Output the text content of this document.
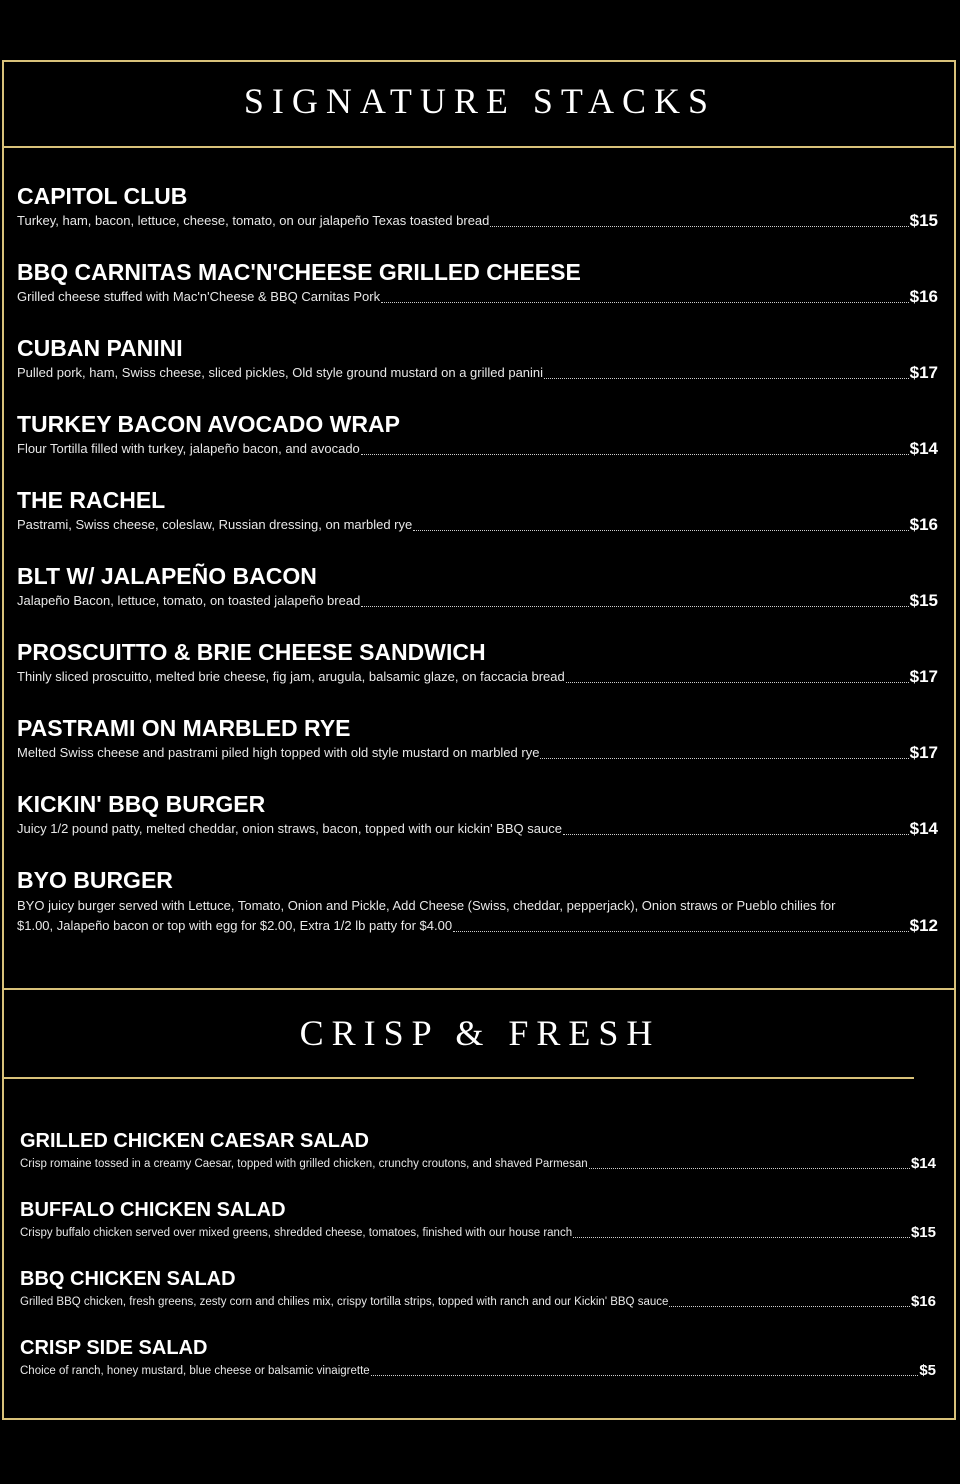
SIGNATURE STACKS
CAPITOL CLUB
Turkey, ham, bacon, lettuce, cheese, tomato, on our jalapeño Texas toasted bread	$15
BBQ CARNITAS MAC'N'CHEESE GRILLED CHEESE
Grilled cheese stuffed with Mac'n'Cheese & BBQ Carnitas Pork	$16
CUBAN PANINI
Pulled pork, ham, Swiss cheese, sliced pickles, Old style ground mustard on a grilled panini	$17
TURKEY BACON AVOCADO WRAP
Flour Tortilla filled with turkey, jalapeño bacon, and avocado	$14
THE RACHEL
Pastrami, Swiss cheese, coleslaw, Russian dressing, on marbled rye	$16
BLT W/ JALAPEÑO BACON
Jalapeño Bacon, lettuce, tomato, on toasted jalapeño bread	$15
PROSCUITTO & BRIE CHEESE SANDWICH
Thinly sliced proscuitto, melted brie cheese, fig jam, arugula, balsamic glaze, on faccacia bread	$17
PASTRAMI ON MARBLED RYE
Melted Swiss cheese and pastrami piled high topped with old style mustard on marbled rye	$17
KICKIN' BBQ BURGER
Juicy 1/2 pound patty, melted cheddar, onion straws, bacon, topped with our kickin' BBQ sauce	$14
BYO BURGER
BYO juicy burger served with Lettuce, Tomato, Onion and Pickle, Add Cheese (Swiss, cheddar, pepperjack), Onion straws or Pueblo chilies for
$1.00, Jalapeño bacon or top with egg for $2.00, Extra 1/2 lb patty for $4.00	$12
CRISP & FRESH
GRILLED CHICKEN CAESAR SALAD
Crisp romaine tossed in a creamy Caesar, topped with grilled chicken, crunchy croutons, and shaved Parmesan	$14
BUFFALO CHICKEN SALAD
Crispy buffalo chicken served over mixed greens, shredded cheese, tomatoes, finished with our house ranch	$15
BBQ CHICKEN SALAD
Grilled BBQ chicken, fresh greens, zesty corn and chilies mix, crispy tortilla strips, topped with ranch and our Kickin' BBQ sauce	$16
CRISP SIDE SALAD
Choice of ranch, honey mustard, blue cheese or balsamic vinaigrette	$5
